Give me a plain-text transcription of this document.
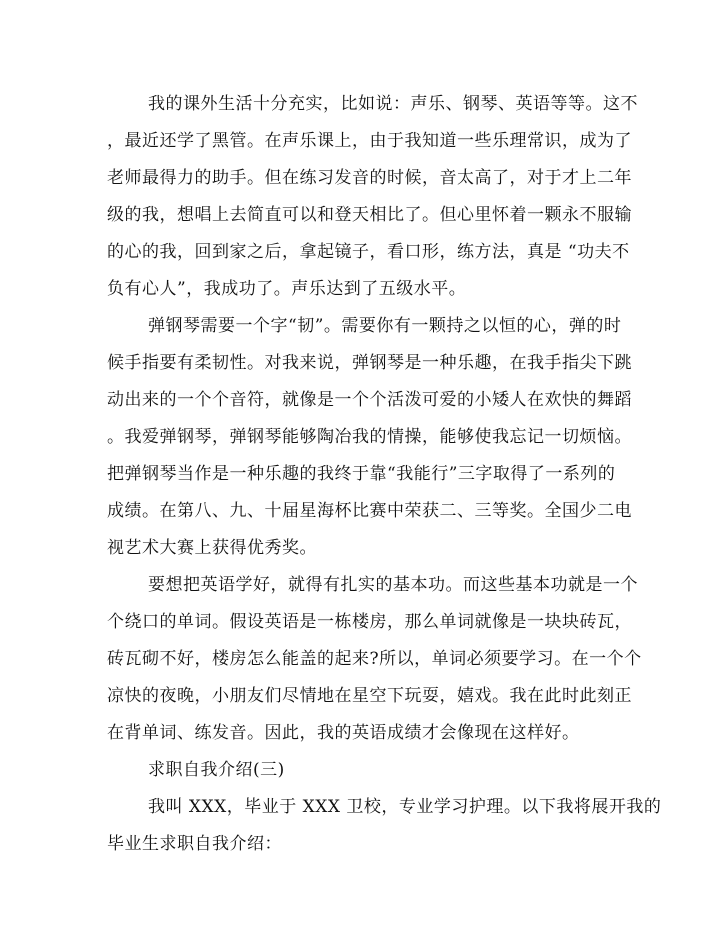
我的课外生活十分充实，比如说：声乐、钢琴、英语等等。这不
，最近还学了黑管。在声乐课上，由于我知道一些乐理常识，成为了
老师最得力的助手。但在练习发音的时候，音太高了，对于才上二年
级的我，想唱上去简直可以和登天相比了。但心里怀着一颗永不服输
的心的我，回到家之后，拿起镜子，看口形，练方法，真是 “功夫不
负有心人”，我成功了。声乐达到了五级水平。
弹钢琴需要一个字“韧”。需要你有一颗持之以恒的心，弹的时
候手指要有柔韧性。对我来说，弹钢琴是一种乐趣，在我手指尖下跳
动出来的一个个音符，就像是一个个活泼可爱的小矮人在欢快的舞蹈
。我爱弹钢琴，弹钢琴能够陶冶我的情操，能够使我忘记一切烦恼。
把弹钢琴当作是一种乐趣的我终于靠“我能行”三字取得了一系列的
成绩。在第八、九、十届星海杯比赛中荣获二、三等奖。全国少二电
视艺术大赛上获得优秀奖。
要想把英语学好，就得有扎实的基本功。而这些基本功就是一个
个绕口的单词。假设英语是一栋楼房，那么单词就像是一块块砖瓦，
砖瓦砌不好，楼房怎么能盖的起来?所以，单词必须要学习。在一个个
凉快的夜晚，小朋友们尽情地在星空下玩耍，嬉戏。我在此时此刻正
在背单词、练发音。因此，我的英语成绩才会像现在这样好。
求职自我介绍(三)
我叫 XXX，毕业于 XXX 卫校，专业学习护理。以下我将展开我的
毕业生求职自我介绍：
